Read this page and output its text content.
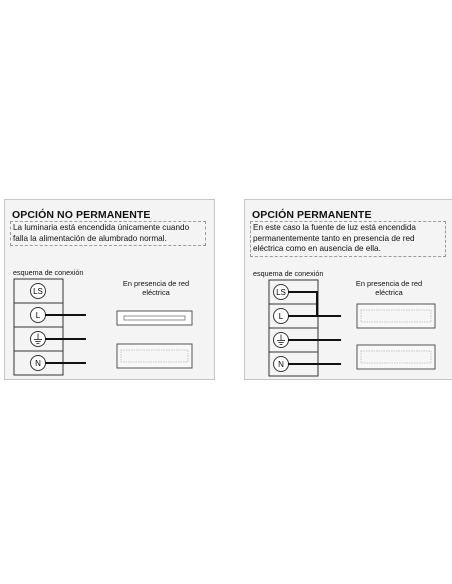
OPCIÓN NO PERMANENTE
La luminaria está encendida únicamente cuando falla la alimentación de alumbrado normal.
esquema de conexión
En presencia de red eléctrica
LS
L
N
OPCIÓN PERMANENTE
En este caso la fuente de luz está encendida permanentemente tanto en presencia de red eléctrica como en ausencia de ella.
esquema de conexión
En presencia de red eléctrica
LS
L
N
